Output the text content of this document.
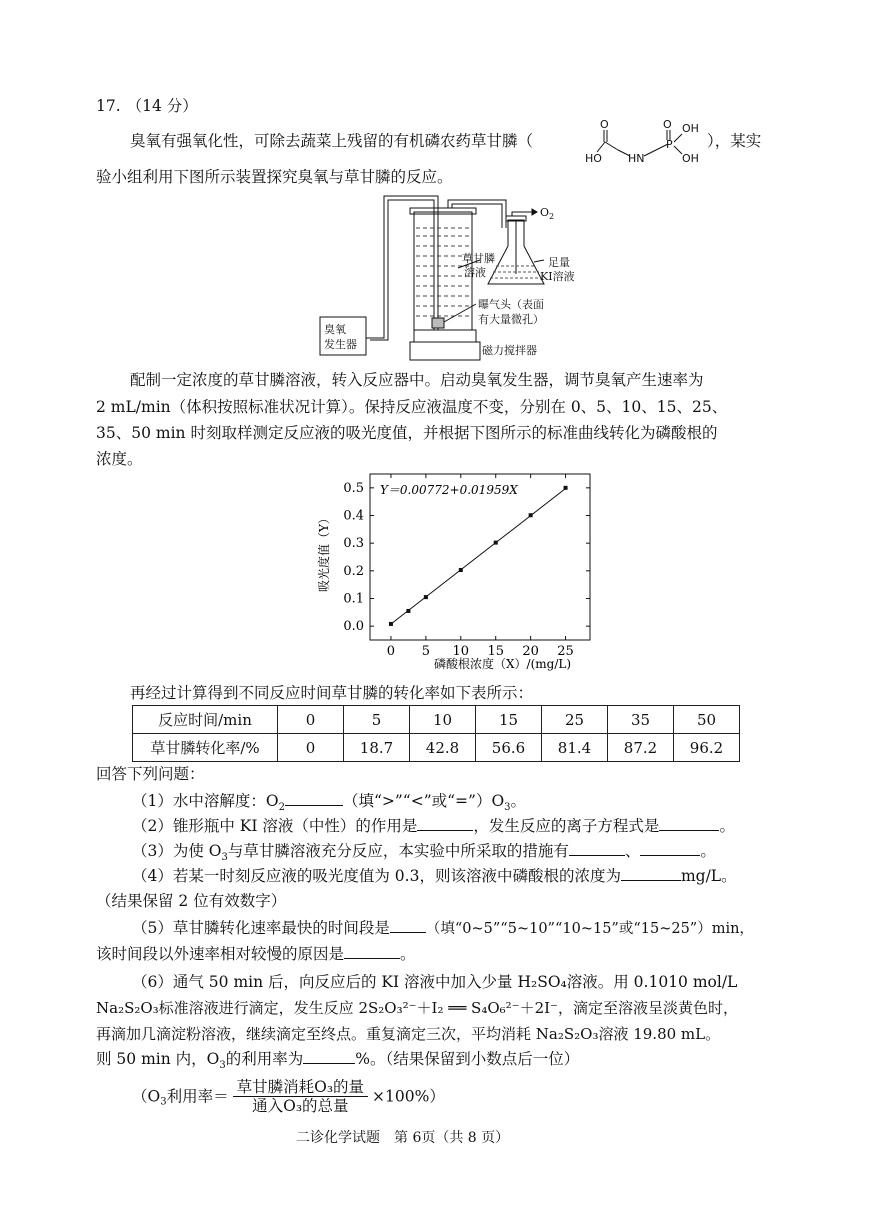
17. （14 分）
臭氧有强氧化性，可除去蔬菜上残留的有机磷农药草甘膦（	），某实
O
HO HN
O
P
OH
OH
验小组利用下图所示装置探究臭氧与草甘膦的反应。
臭氧
发生器
草甘膦
溶液
足量
KI溶液
曝气头（表面
有大量微孔）
磁力搅拌器
$O_2$
配制一定浓度的草甘膦溶液，转入反应器中。启动臭氧发生器，调节臭氧产生速率为
2 mL/min（体积按照标准状况计算）。保持反应液温度不变，分别在 0、5、10、15、25、
35、50 min 时刻取样测定反应液的吸光度值，并根据下图所示的标准曲线转化为磷酸根的
浓度。
0 5 10 15 20 25
0.0
0.1
0.2
0.3
0.4
0.5 Y＝0.00772+0.01959X
磷酸根浓度（X）/(mg/L)
吸光度值（Y）
再经过计算得到不同反应时间草甘膦的转化率如下表所示：
反应时间/min	0	5	10	15	25	35	50
草甘膦转化率/%	0	18.7	42.8	56.6	81.4	87.2	96.2
回答下列问题：
（1）水中溶解度：$O_2$	（填“>”“<”或“$=”)O_3$。
（2）锥形瓶中 KI 溶液（中性）的作用是	，发生反应的离子方程式是	。
（3）为使 $O_3$与草甘膦溶液充分反应，本实验中所采取的措施有	、	。
（4）若某一时刻反应液的吸光度值为 0.3，则该溶液中磷酸根的浓度为	mg/L。
（结果保留 2 位有效数字）
（5）草甘膦转化速率最快的时间段是 （填“0~5”“5~10”“10~15”或“15~25”）min，
该时间段以外速率相对较慢的原因是	。
（6）通气 50 min 后，向反应后的 KI 溶液中加入少量 H₂SO₄溶液。用 0.1010 mol/L
Na₂S₂O₃标准溶液进行滴定，发生反应 2S₂O₃²⁻＋I₂ ══ S₄O₆²⁻＋2I⁻，滴定至溶液呈淡黄色时，
再滴加几滴淀粉溶液，继续滴定至终点。重复滴定三次，平均消耗 Na₂S₂O₃溶液 19.80 mL。
则 50 min 内，$O_3$的利用率为	%。（结果保留到小数点后一位）
（$O_3$利用率＝ $\frac{\text{草甘膦消耗O₃的量}}{\text{通入O₃的总量}} \times 100\%$）
二诊化学试题　第 6页（共 8 页）
